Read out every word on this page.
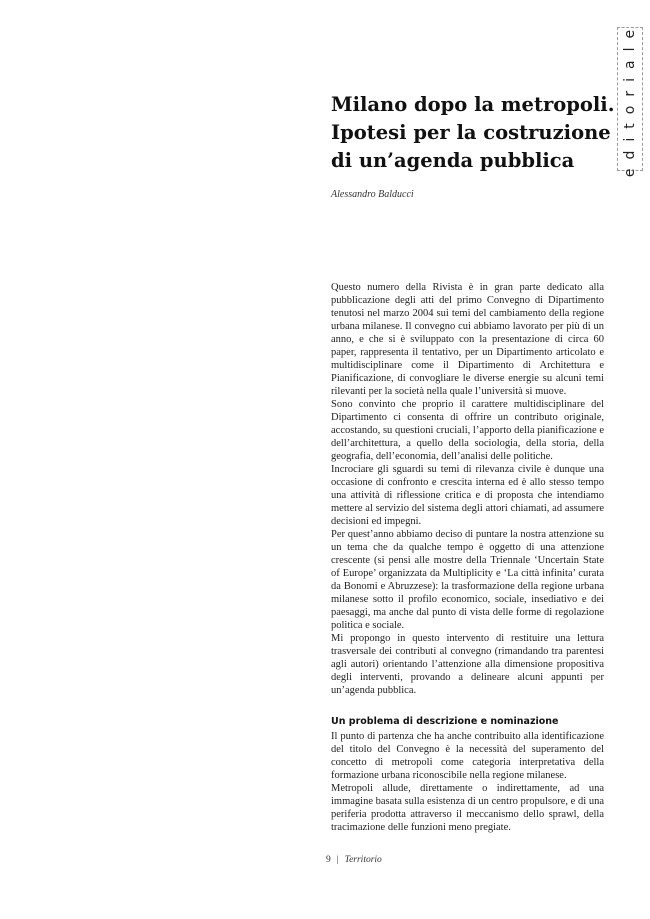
editoriale
Milano dopo la metropoli.
Ipotesi per la costruzione
di un’agenda pubblica

Alessandro Balducci

Questo numero della Rivista è in gran parte dedicato alla pubblicazione degli atti del primo Convegno di Dipartimento tenutosi nel marzo 2004 sui temi del cambiamento della regione urbana milanese. Il convegno cui abbiamo lavorato per più di un anno, e che si è sviluppato con la presentazione di circa 60 paper, rappresenta il tentativo, per un Dipartimento articolato e multidisciplinare come il Dipartimento di Architettura e Pianificazione, di convogliare le diverse energie su alcuni temi rilevanti per la società nella quale l’università si muove.

Sono convinto che proprio il carattere multidisciplinare del Dipartimento ci consenta di offrire un contributo originale, accostando, su questioni cruciali, l’apporto della pianificazione e dell’architettura, a quello della sociologia, della storia, della geografia, dell’economia, dell’analisi delle politiche.

Incrociare gli sguardi su temi di rilevanza civile è dunque una occasione di confronto e crescita interna ed è allo stesso tempo una attività di riflessione critica e di proposta che intendiamo mettere al servizio del sistema degli attori chiamati, ad assumere decisioni ed impegni.

Per quest’anno abbiamo deciso di puntare la nostra attenzione su un tema che da qualche tempo è oggetto di una attenzione crescente (si pensi alle mostre della Triennale ‘Uncertain State of Europe’ organizzata da Multiplicity e ‘La città infinita’ curata da Bonomi e Abruzzese): la trasformazione della regione urbana milanese sotto il profilo economico, sociale, insediativo e dei paesaggi, ma anche dal punto di vista delle forme di regolazione politica e sociale.

Mi propongo in questo intervento di restituire una lettura trasversale dei contributi al convegno (rimandando tra parentesi agli autori) orientando l’attenzione alla dimensione propositiva degli interventi, provando a delineare alcuni appunti per un’agenda pubblica.

Un problema di descrizione e nominazione

Il punto di partenza che ha anche contribuito alla identificazione del titolo del Convegno è la necessità del superamento del concetto di metropoli come categoria interpretativa della formazione urbana riconoscibile nella regione milanese.

Metropoli allude, direttamente o indirettamente, ad una immagine basata sulla esistenza di un centro propulsore, e di una periferia prodotta attraverso il meccanismo dello sprawl, della tracimazione delle funzioni meno pregiate.

9 | Territorio
